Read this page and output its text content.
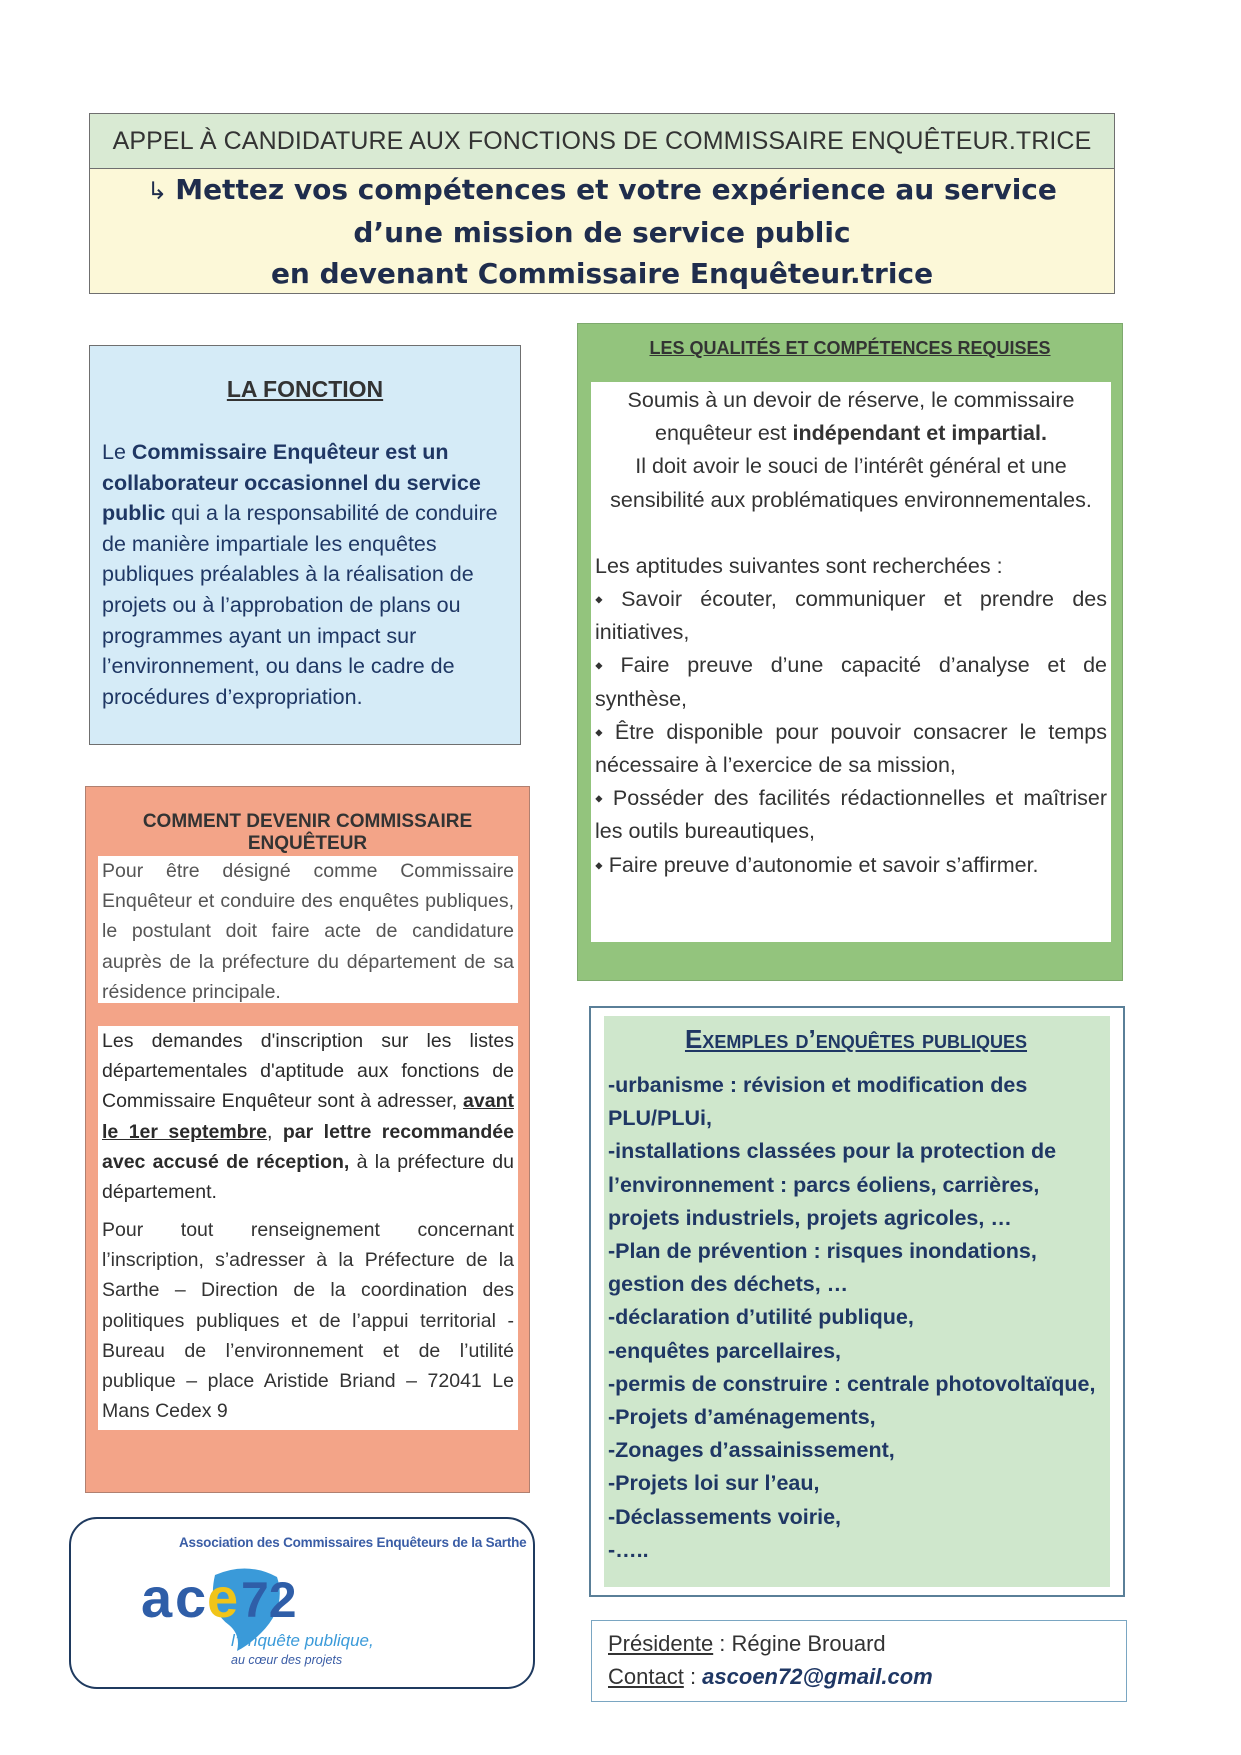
APPEL À CANDIDATURE AUX FONCTIONS DE COMMISSAIRE ENQUÊTEUR.TRICE
↳ Mettez vos compétences et votre expérience au service
d’une mission de service public
en devenant Commissaire Enquêteur.trice
LA FONCTION
Le Commissaire Enquêteur est un collaborateur occasionnel du service public qui a la responsabilité de conduire de manière impartiale les enquêtes publiques préalables à la réalisation de projets ou à l’approbation de plans ou programmes ayant un impact sur l’environnement, ou dans le cadre de procédures d’expropriation.
COMMENT DEVENIR COMMISSAIRE ENQUÊTEUR
Pour être désigné comme Commissaire Enquêteur et conduire des enquêtes publiques, le postulant doit faire acte de candidature auprès de la préfecture du département de sa résidence principale.
Les demandes d'inscription sur les listes départementales d'aptitude aux fonctions de Commissaire Enquêteur sont à adresser, avant le 1er septembre, par lettre recommandée avec accusé de réception, à la préfecture du département.
Pour tout renseignement concernant l’inscription, s’adresser à la Préfecture de la Sarthe – Direction de la coordination des politiques publiques et de l’appui territorial - Bureau de l’environnement et de l’utilité publique – place Aristide Briand – 72041 Le Mans Cedex 9
LES QUALITÉS ET COMPÉTENCES REQUISES
Soumis à un devoir de réserve, le commissaire enquêteur est indépendant et impartial.
Il doit avoir le souci de l’intérêt général et une sensibilité aux problématiques environnementales.
Les aptitudes suivantes sont recherchées :
⬩ Savoir écouter, communiquer et prendre des initiatives,
⬩ Faire preuve d’une capacité d’analyse et de synthèse,
⬩ Être disponible pour pouvoir consacrer le temps nécessaire à l’exercice de sa mission,
⬩ Posséder des facilités rédactionnelles et maîtriser les outils bureautiques,
⬩ Faire preuve d’autonomie et savoir s’affirmer.
Exemples d’enquêtes publiques
-urbanisme : révision et modification des PLU/PLUi,
-installations classées pour la protection de l’environnement : parcs éoliens, carrières, projets industriels, projets agricoles, …
-Plan de prévention : risques inondations, gestion des déchets, …
-déclaration d’utilité publique,
-enquêtes parcellaires,
-permis de construire : centrale photovoltaïque,
-Projets d’aménagements,
-Zonages d’assainissement,
-Projets loi sur l’eau,
-Déclassements voirie,
-…..
Association des Commissaires Enquêteurs de la Sarthe
a c e 72
l’enquête publique,
au cœur des projets
Présidente : Régine Brouard
Contact : ascoen72@gmail.com
